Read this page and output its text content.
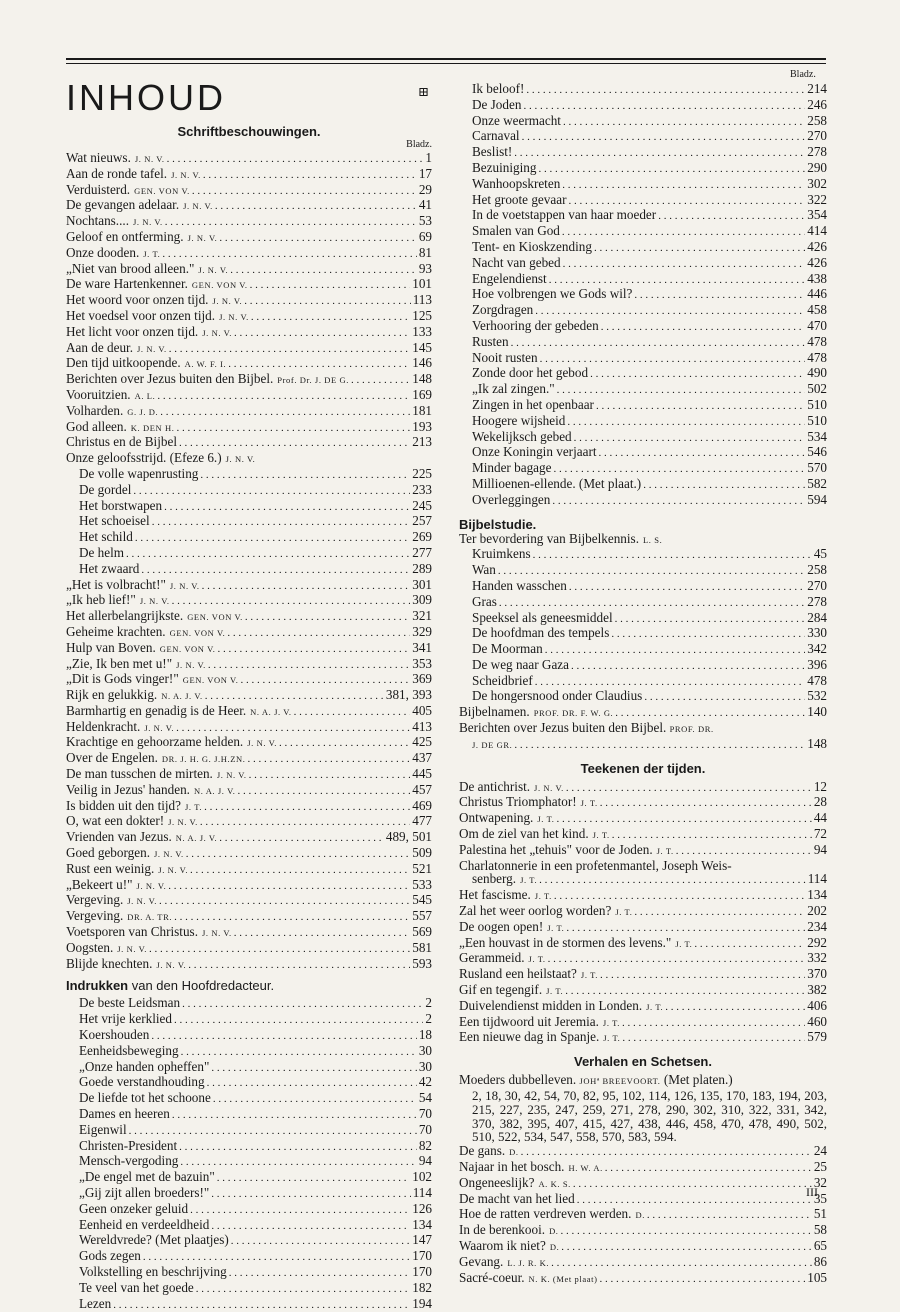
INHOUD	⊞
Bladz.
Schriftbeschouwingen.
Bladz.
Wat nieuws. J. N. V. . . .	1
Aan de ronde tafel. J. N. V. . . .	17
Verduisterd. GEN. VON V. . . .	29
De gevangen adelaar. J. N. V. . . .	41
Nochtans.... J. N. V. . . .	53
Geloof en ontferming. J. N. V. . . .	69
Onze dooden. J. T. . . .	81
„Niet van brood alleen." J. N. V. . . .	93
De ware Hartenkenner. GEN. VON V. . . .	101
Het woord voor onzen tijd. J. N. V. . . .	113
Het voedsel voor onzen tijd. J. N. V. . . .	125
Het licht voor onzen tijd. J. N. V. . . .	133
Aan de deur. J. N. V. . . .	145
Den tijd uitkoopende. A. W. F. I. . . .	146
Berichten over Jezus buiten den Bijbel. Prof. Dr. J. DE G. . . .	148
Vooruitzien. A. L. . . .	169
Volharden. G. J. D. . . .	181
God alleen. K. DEN H. . . .	193
Christus en de Bijbel . . .	213
Onze geloofsstrijd. (Efeze 6.) J. N. V.
De volle wapenrusting . . .	225
De gordel . . .	233
Het borstwapen . . .	245
Het schoeisel . . .	257
Het schild . . .	269
De helm . . .	277
Het zwaard . . .	289
„Het is volbracht!" J. N. V. . . .	301
„Ik heb lief!" J. N. V. . . .	309
Het allerbelangrijkste. GEN. VON V. . . .	321
Geheime krachten. GEN. VON V. . . .	329
Hulp van Boven. GEN. VON V. . . .	341
„Zie, Ik ben met u!" J. N. V. . . .	353
„Dit is Gods vinger!" GEN. VON V. . . .	369
Rijk en gelukkig. N. A. J. V. . . .	381, 393
Barmhartig en genadig is de Heer. N. A. J. V. . . .	405
Heldenkracht. J. N. V. . . .	413
Krachtige en gehoorzame helden. J. N. V. . . .	425
Over de Engelen. DR. J. H. G. J.H.ZN. . . .	437
De man tusschen de mirten. J. N. V. . . .	445
Veilig in Jezus' handen. N. A. J. V. . . .	457
Is bidden uit den tijd? J. T. . . .	469
O, wat een dokter! J. N. V. . . .	477
Vrienden van Jezus. N. A. J. V. . . .	489, 501
Goed geborgen. J. N. V. . . .	509
Rust een weinig. J. N. V. . . .	521
„Bekeert u!" J. N. V. . . .	533
Vergeving. J. N. V. . . .	545
Vergeving. DR. A. TR. . . .	557
Voetsporen van Christus. J. N. V. . . .	569
Oogsten. J. N. V. . . .	581
Blijde knechten. J. N. V. . . .	593
Indrukken van den Hoofdredacteur.
De beste Leidsman . . .	2
Het vrije kerklied . . .	2
Koershouden . . .	18
Eenheidsbeweging . . .	30
„Onze handen opheffen" . . .	30
Goede verstandhouding . . .	42
De liefde tot het schoone . . .	54
Dames en heeren . . .	70
Eigenwil . . .	70
Christen-President . . .	82
Mensch-vergoding . . .	94
„De engel met de bazuin" . . .	102
„Gij zijt allen broeders!" . . .	114
Geen onzeker geluid . . .	126
Eenheid en verdeeldheid . . .	134
Wereldvrede? (Met plaatjes) . . .	147
Gods zegen . . .	170
Volkstelling en beschrijving . . .	170
Te veel van het goede . . .	182
Lezen . . .	194
Ik beloof! . . .	214
De Joden . . .	246
Onze weermacht . . .	258
Carnaval . . .	270
Beslist! . . .	278
Bezuiniging . . .	290
Wanhoopskreten . . .	302
Het groote gevaar . . .	322
In de voetstappen van haar moeder . . .	354
Smalen van God . . .	414
Tent- en Kioskzending . . .	426
Nacht van gebed . . .	426
Engelendienst . . .	438
Hoe volbrengen we Gods wil? . . .	446
Zorgdragen . . .	458
Verhooring der gebeden . . .	470
Rusten . . .	478
Nooit rusten . . .	478
Zonde door het gebod . . .	490
„Ik zal zingen." . . .	502
Zingen in het openbaar . . .	510
Hoogere wijsheid . . .	510
Wekelijksch gebed . . .	534
Onze Koningin verjaart . . .	546
Minder bagage . . .	570
Millioenen-ellende. (Met plaat.) . . .	582
Overleggingen . . .	594
Bijbelstudie.
Ter bevordering van Bijbelkennis. L. S.
Kruimkens . . .	45
Wan . . .	258
Handen wasschen . . .	270
Gras . . .	278
Speeksel als geneesmiddel . . .	284
De hoofdman des tempels . . .	330
De Moorman . . .	342
De weg naar Gaza . . .	396
Scheidbrief . . .	478
De hongersnood onder Claudius . . .	532
Bijbelnamen. PROF. DR. F. W. G. . . .	140
Berichten over Jezus buiten den Bijbel. PROF. DR.
J. DE GR. . . .	148
Teekenen der tijden.
De antichrist. J. N. V. . . .	12
Christus Triomphator! J. T. . . .	28
Ontwapening. J. T. . . .	44
Om de ziel van het kind. J. T. . . .	72
Palestina het „tehuis" voor de Joden. J. T. . . .	94
Charlatonnerie in een profetenmantel, Joseph Weis-
senberg. J. T. . . .	114
Het fascisme. J. T. . . .	134
Zal het weer oorlog worden? J. T. . . .	202
De oogen open! J. T. . . .	234
„Een houvast in de stormen des levens." J. T. . . .	292
Gerammeid. J. T. . . .	332
Rusland een heilstaat? J. T. . . .	370
Gif en tegengif. J. T. . . .	382
Duivelendienst midden in Londen. J. T. . . .	406
Een tijdwoord uit Jeremia. J. T. . . .	460
Een nieuwe dag in Spanje. J. T. . . .	579
Verhalen en Schetsen.
Moeders dubbelleven. JOHª BREEVOORT. (Met platen.)
2, 18, 30, 42, 54, 70, 82, 95, 102, 114, 126, 135, 170, 183, 194, 203, 215, 227, 235, 247, 259, 271, 278, 290, 302, 310, 322, 331, 342, 370, 382, 395, 407, 415, 427, 438, 446, 458, 470, 478, 490, 502, 510, 522, 534, 547, 558, 570, 583, 594.
De gans. D. . . .	24
Najaar in het bosch. H. W. A. . . .	25
Ongeneeslijk? A. K. S. . . .	32
De macht van het lied . . .	35
Hoe de ratten verdreven werden. D. . . .	51
In de berenkooi. D. . . .	58
Waarom ik niet? D. . . .	65
Gevang. L. J. R. K. . . .	86
Sacré-coeur. N. K. (Met plaat) . . .	105
III
